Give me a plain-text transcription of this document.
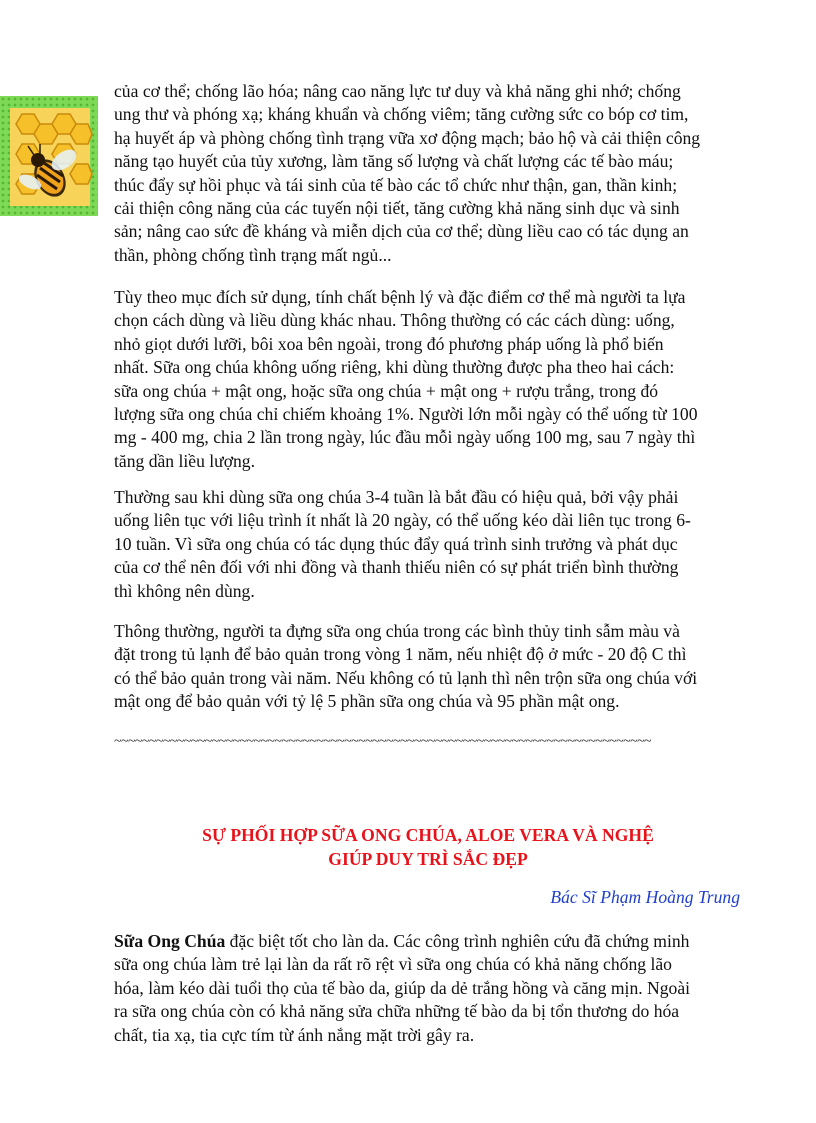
của cơ thể; chống lão hóa; nâng cao năng lực tư duy và khả năng ghi nhớ; chống
ung thư và phóng xạ; kháng khuẩn và chống viêm; tăng cường sức co bóp cơ tim,
hạ huyết áp và phòng chống tình trạng vữa xơ động mạch; bảo hộ và cải thiện công
năng tạo huyết của tủy xương, làm tăng số lượng và chất lượng các tế bào máu;
thúc đẩy sự hồi phục và tái sinh của tế bào các tổ chức như thận, gan, thần kinh;
cải thiện công năng của các tuyến nội tiết, tăng cường khả năng sinh dục và sinh
sản; nâng cao sức đề kháng và miễn dịch của cơ thể; dùng liều cao có tác dụng an
thần, phòng chống tình trạng mất ngủ...
Tùy theo mục đích sử dụng, tính chất bệnh lý và đặc điểm cơ thể mà người ta lựa
chọn cách dùng và liều dùng khác nhau. Thông thường có các cách dùng: uống,
nhỏ giọt dưới lưỡi, bôi xoa bên ngoài, trong đó phương pháp uống là phổ biến
nhất. Sữa ong chúa không uống riêng, khi dùng thường được pha theo hai cách:
sữa ong chúa + mật ong, hoặc sữa ong chúa + mật ong + rượu trắng, trong đó
lượng sữa ong chúa chỉ chiếm khoảng 1%. Người lớn mỗi ngày có thể uống từ 100
mg - 400 mg, chia 2 lần trong ngày, lúc đầu mỗi ngày uống 100 mg, sau 7 ngày thì
tăng dần liều lượng.
Thường sau khi dùng sữa ong chúa 3-4 tuần là bắt đầu có hiệu quả, bởi vậy phải
uống liên tục với liệu trình ít nhất là 20 ngày, có thể uống kéo dài liên tục trong 6-
10 tuần. Vì sữa ong chúa có tác dụng thúc đẩy quá trình sinh trưởng và phát dục
của cơ thể nên đối với nhi đồng và thanh thiếu niên có sự phát triển bình thường
thì không nên dùng.
Thông thường, người ta đựng sữa ong chúa trong các bình thủy tinh sẫm màu và
đặt trong tủ lạnh để bảo quản trong vòng 1 năm, nếu nhiệt độ ở mức - 20 độ C thì
có thể bảo quản trong vài năm. Nếu không có tủ lạnh thì nên trộn sữa ong chúa với
mật ong để bảo quản với tỷ lệ 5 phần sữa ong chúa và 95 phần mật ong.
~~~~~~~~~~~~~~~~~~~~~~~~~~~~~~~~~~~~~~~~~~~~~~~~~~~~~~~~~~~~~~~~~~~~~~~~~~~~~
SỰ PHỐI HỢP SỮA ONG CHÚA, ALOE VERA VÀ NGHỆ
GIÚP DUY TRÌ SẮC ĐẸP
Bác Sĩ Phạm Hoàng Trung
Sữa Ong Chúa đặc biệt tốt cho làn da. Các công trình nghiên cứu đã chứng minh
sữa ong chúa làm trẻ lại làn da rất rõ rệt vì sữa ong chúa có khả năng chống lão
hóa, làm kéo dài tuổi thọ của tế bào da, giúp da dẻ trắng hồng và căng mịn. Ngoài
ra sữa ong chúa còn có khả năng sửa chữa những tế bào da bị tổn thương do hóa
chất, tia xạ, tia cực tím từ ánh nắng mặt trời gây ra.
